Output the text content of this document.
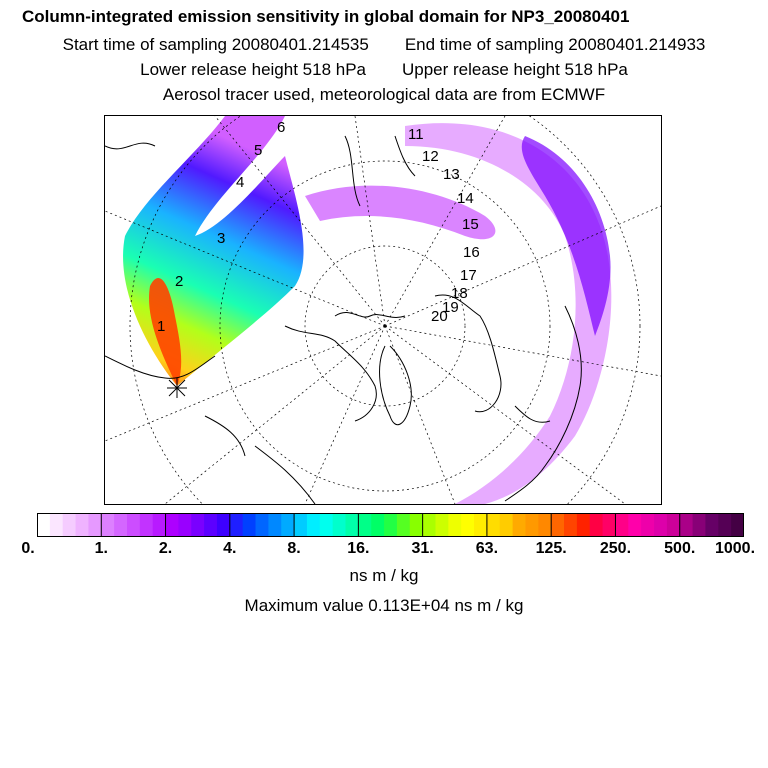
Column-integrated emission sensitivity in global domain for NP3_20080401
Start time of sampling 20080401.214535 End time of sampling 20080401.214933
Lower release height 518 hPa Upper release height 518 hPa
Aerosol tracer used, meteorological data are from ECMWF
1
2
3
4
5
6	11
12
13
14
15
16
17
18
19
20
0.	1.	2.	4.	8.	16.	31.	63. 125. 250. 500. 1000.
ns m / kg
Maximum value 0.113E+04 ns m / kg
